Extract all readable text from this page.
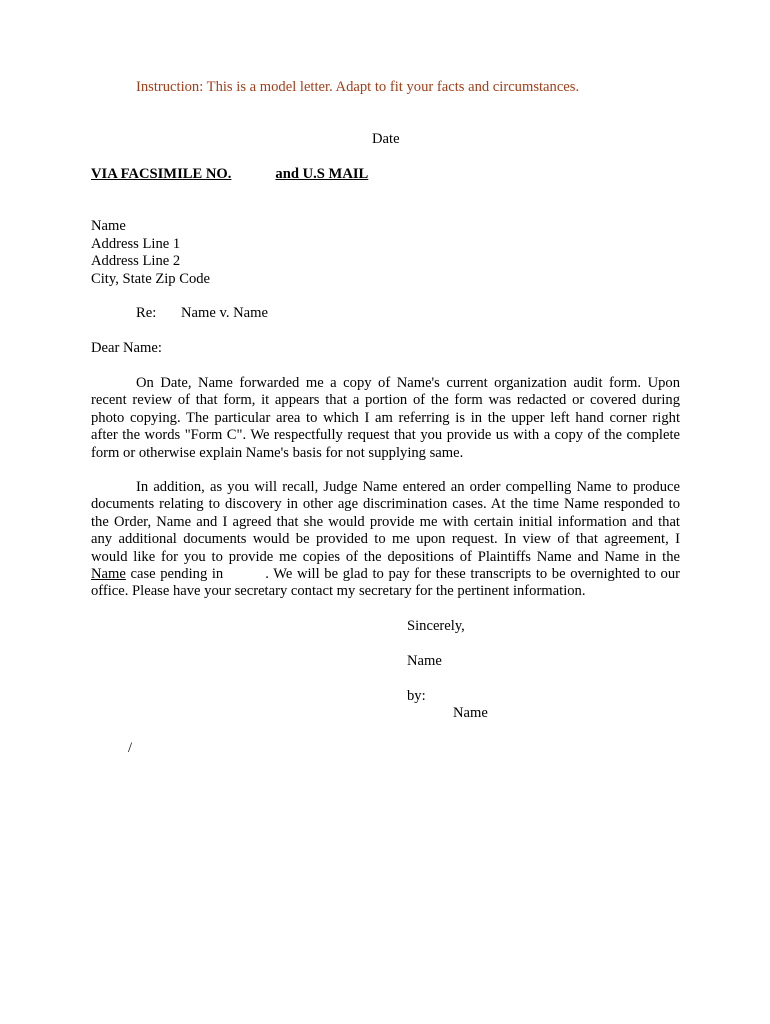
Instruction: This is a model letter. Adapt to fit your facts and circumstances.
Date
VIA FACSIMILE NO.	and U.S MAIL
Name
Address Line 1
Address Line 2
City, State Zip Code
Re: Name v. Name
Dear Name:
On Date, Name forwarded me a copy of Name's current organization audit form. Upon
recent review of that form, it appears that a portion of the form was redacted or covered during
photo copying. The particular area to which I am referring is in the upper left hand corner right
after the words "Form C". We respectfully request that you provide us with a copy of the complete
form or otherwise explain Name's basis for not supplying same.
In addition, as you will recall, Judge Name entered an order compelling Name to produce
documents relating to discovery in other age discrimination cases. At the time Name responded to
the Order, Name and I agreed that she would provide me with certain initial information and that
any additional documents would be provided to me upon request. In view of that agreement, I
would like for you to provide me copies of the depositions of Plaintiffs Name and Name in the
Name case pending in	. We will be glad to pay for these transcripts to be overnighted to our
office. Please have your secretary contact my secretary for the pertinent information.
Sincerely,
Name
by:
Name
/
